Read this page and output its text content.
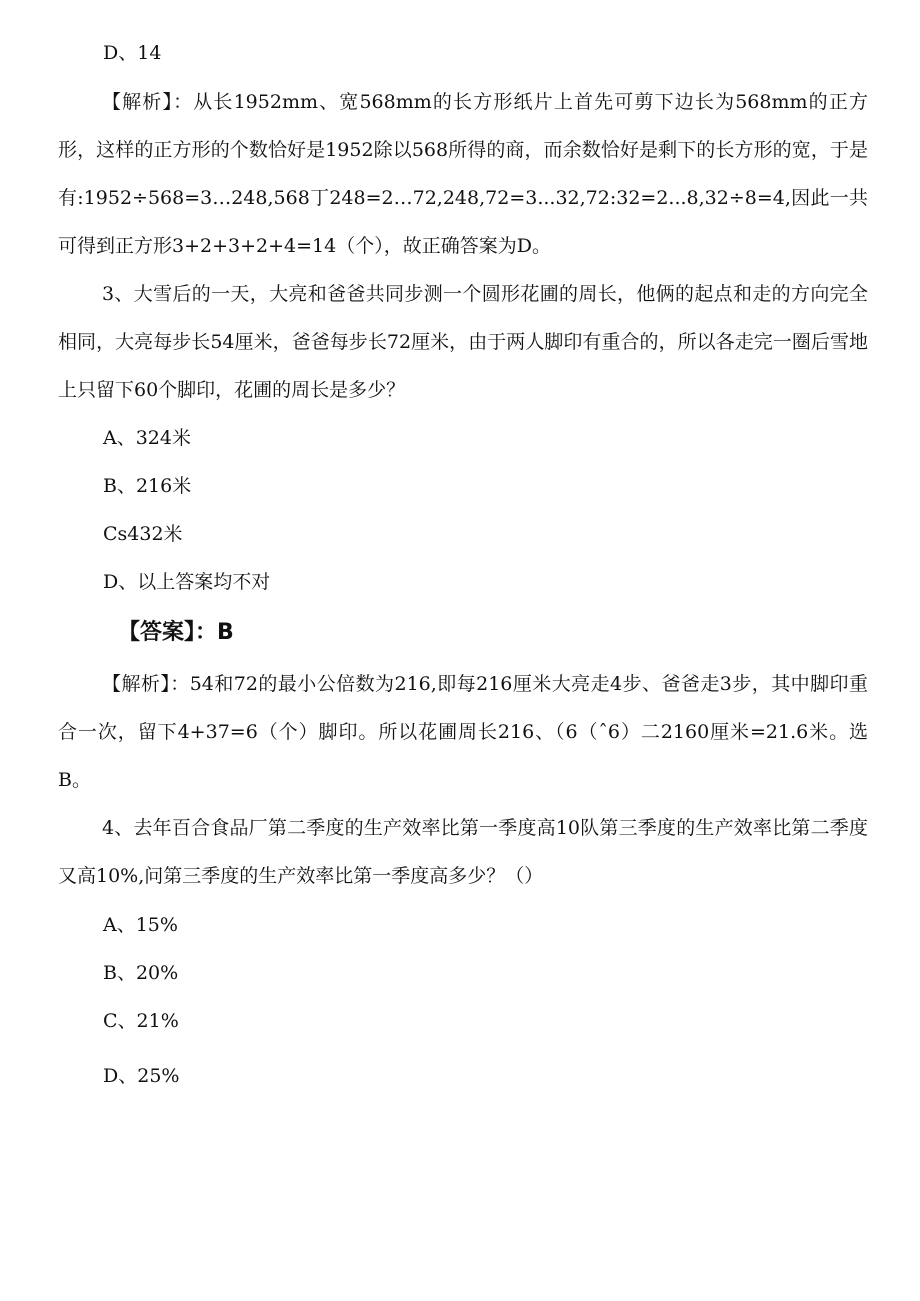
D、14

【解析】：从长1952mm、宽568mm的长方形纸片上首先可剪下边长为568mm的正方形，这样的正方形的个数恰好是1952除以568所得的商，而余数恰好是剩下的长方形的宽，于是有:1952÷568=3…248,568丁248=2…72,248,72=3...32,72:32=2...8,32÷8=4,因此一共可得到正方形3+2+3+2+4=14（个），故正确答案为D。

3、大雪后的一天，大亮和爸爸共同步测一个圆形花圃的周长，他俩的起点和走的方向完全相同，大亮每步长54厘米，爸爸每步长72厘米，由于两人脚印有重合的，所以各走完一圈后雪地上只留下60个脚印，花圃的周长是多少？

A、324米

B、216米

Cs432米

D、以上答案均不对

【答案】：B

【解析】：54和72的最小公倍数为216,即每216厘米大亮走4步、爸爸走3步，其中脚印重合一次，留下4+37=6（个）脚印。所以花圃周长216、（6（ˆ6）二2160厘米=21.6米。选B。

4、去年百合食品厂第二季度的生产效率比第一季度高10队第三季度的生产效率比第二季度又高10%,问第三季度的生产效率比第一季度高多少？（）

A、15%

B、20%

C、21%

D、25%
